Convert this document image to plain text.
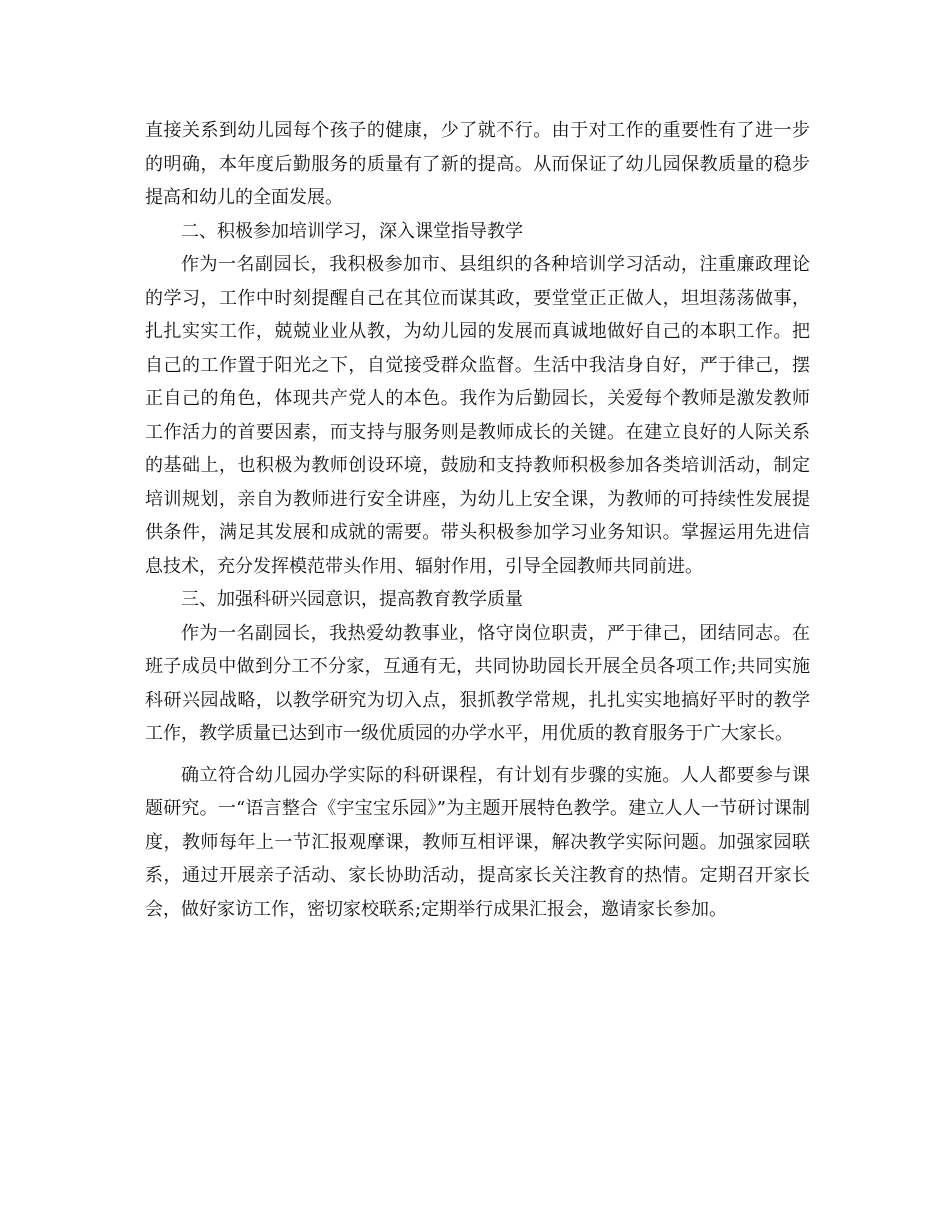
直接关系到幼儿园每个孩子的健康，少了就不行。由于对工作的重要性有了进一步的明确，本年度后勤服务的质量有了新的提高。从而保证了幼儿园保教质量的稳步提高和幼儿的全面发展。

二、积极参加培训学习，深入课堂指导教学

作为一名副园长，我积极参加市、县组织的各种培训学习活动，注重廉政理论的学习，工作中时刻提醒自己在其位而谋其政，要堂堂正正做人，坦坦荡荡做事，扎扎实实工作，兢兢业业从教，为幼儿园的发展而真诚地做好自己的本职工作。把自己的工作置于阳光之下，自觉接受群众监督。生活中我洁身自好，严于律己，摆正自己的角色，体现共产党人的本色。我作为后勤园长，关爱每个教师是激发教师工作活力的首要因素，而支持与服务则是教师成长的关键。在建立良好的人际关系的基础上，也积极为教师创设环境，鼓励和支持教师积极参加各类培训活动，制定培训规划，亲自为教师进行安全讲座，为幼儿上安全课，为教师的可持续性发展提供条件，满足其发展和成就的需要。带头积极参加学习业务知识。掌握运用先进信息技术，充分发挥模范带头作用、辐射作用，引导全园教师共同前进。

三、加强科研兴园意识，提高教育教学质量

作为一名副园长，我热爱幼教事业，恪守岗位职责，严于律己，团结同志。在班子成员中做到分工不分家，互通有无，共同协助园长开展全员各项工作;共同实施科研兴园战略，以教学研究为切入点，狠抓教学常规，扎扎实实地搞好平时的教学工作，教学质量已达到市一级优质园的办学水平，用优质的教育服务于广大家长。

确立符合幼儿园办学实际的科研课程，有计划有步骤的实施。人人都要参与课题研究。一“语言整合《宇宝宝乐园》”为主题开展特色教学。建立人人一节研讨课制度，教师每年上一节汇报观摩课，教师互相评课，解决教学实际问题。加强家园联系，通过开展亲子活动、家长协助活动，提高家长关注教育的热情。定期召开家长会，做好家访工作，密切家校联系;定期举行成果汇报会，邀请家长参加。
